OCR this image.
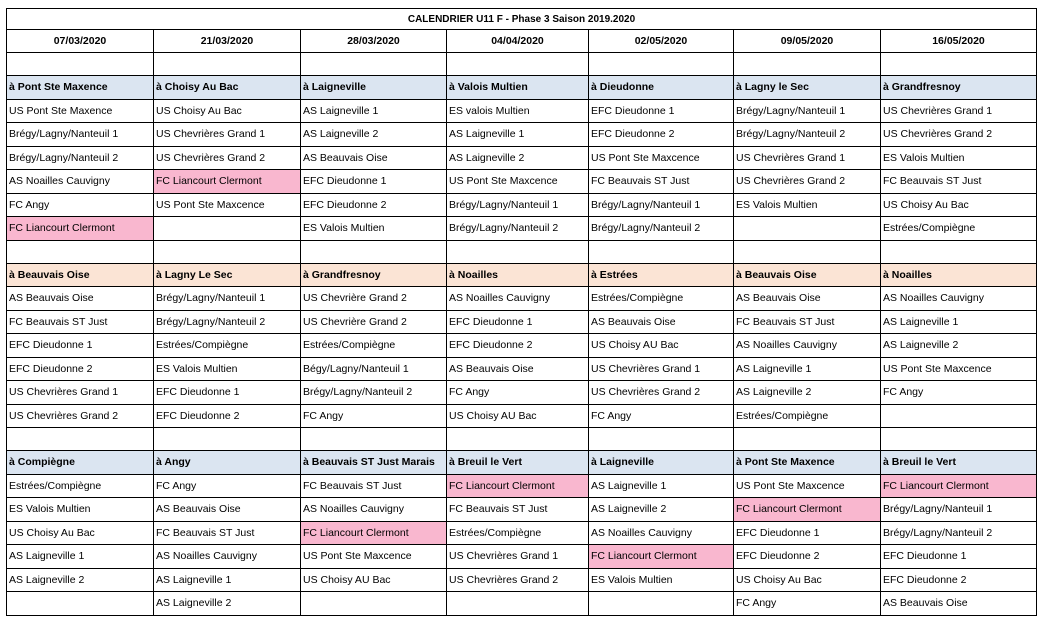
CALENDRIER U11 F - Phase 3 Saison 2019.2020						
07/03/2020	21/03/2020	28/03/2020	04/04/2020	02/05/2020	09/05/2020	16/05/2020

à Pont Ste Maxence	à Choisy Au Bac	à Laigneville	à Valois Multien	à Dieudonne	à Lagny le Sec	à Grandfresnoy
US Pont Ste Maxence	US Choisy Au Bac	AS Laigneville 1	ES valois Multien	EFC Dieudonne 1	Brégy/Lagny/Nanteuil 1	US Chevrières Grand 1
Brégy/Lagny/Nanteuil 1	US Chevrières Grand 1	AS Laigneville 2	AS Laigneville 1	EFC Dieudonne 2	Brégy/Lagny/Nanteuil 2	US Chevrières Grand 2
Brégy/Lagny/Nanteuil 2	US Chevrières Grand 2	AS Beauvais Oise	AS Laigneville 2	US Pont Ste Maxcence	US Chevrières Grand 1	ES Valois Multien
AS Noailles Cauvigny	FC Liancourt Clermont	EFC Dieudonne 1	US Pont Ste Maxcence	FC Beauvais ST Just	US Chevrières Grand 2	FC Beauvais ST Just
FC Angy	US Pont Ste Maxcence	EFC Dieudonne 2	Brégy/Lagny/Nanteuil 1	Brégy/Lagny/Nanteuil 1	ES Valois Multien	US Choisy Au Bac
FC Liancourt Clermont		ES Valois Multien	Brégy/Lagny/Nanteuil 2	Brégy/Lagny/Nanteuil 2		Estrées/Compiègne

à Beauvais Oise	à Lagny Le Sec	à Grandfresnoy	à Noailles	à Estrées	à Beauvais Oise	à Noailles
AS Beauvais Oise	Brégy/Lagny/Nanteuil 1	US Chevrière Grand 2	AS Noailles Cauvigny	Estrées/Compiègne	AS Beauvais Oise	AS Noailles Cauvigny
FC Beauvais ST Just	Brégy/Lagny/Nanteuil 2	US Chevrière Grand 2	EFC Dieudonne 1	AS Beauvais Oise	FC Beauvais ST Just	AS Laigneville 1
EFC Dieudonne 1	Estrées/Compiègne	Estrées/Compiègne	EFC Dieudonne 2	US Choisy AU Bac	AS Noailles Cauvigny	AS Laigneville 2
EFC Dieudonne 2	ES Valois Multien	Bégy/Lagny/Nanteuil 1	AS Beauvais Oise	US Chevrières Grand 1	AS Laigneville 1	US Pont Ste Maxcence
US Chevrières Grand 1	EFC Dieudonne 1	Brégy/Lagny/Nanteuil 2	FC Angy	US Chevrières Grand 2	AS Laigneville 2	FC Angy
US Chevrières Grand 2	EFC Dieudonne 2	FC Angy	US Choisy AU Bac	FC Angy	Estrées/Compiègne	

à Compiègne	à Angy	à Beauvais ST Just Marais	à Breuil le Vert	à Laigneville	à Pont Ste Maxence	à Breuil le Vert
Estrées/Compiègne	FC Angy	FC Beauvais ST Just	FC Liancourt Clermont	AS Laigneville 1	US Pont Ste Maxcence	FC Liancourt Clermont
ES Valois Multien	AS Beauvais Oise	AS Noailles Cauvigny	FC Beauvais ST Just	AS Laigneville 2	FC Liancourt Clermont	Brégy/Lagny/Nanteuil 1
US Choisy Au Bac	FC Beauvais ST Just	FC Liancourt Clermont	Estrées/Compiègne	AS Noailles Cauvigny	EFC Dieudonne 1	Brégy/Lagny/Nanteuil 2
AS Laigneville 1	AS Noailles Cauvigny	US Pont Ste Maxcence	US Chevrières Grand 1	FC Liancourt Clermont	EFC Dieudonne 2	EFC Dieudonne 1
AS Laigneville 2	AS Laigneville 1	US Choisy AU Bac	US Chevrières Grand 2	ES Valois Multien	US Choisy Au Bac	EFC Dieudonne 2
	AS Laigneville 2				FC Angy	AS Beauvais Oise
